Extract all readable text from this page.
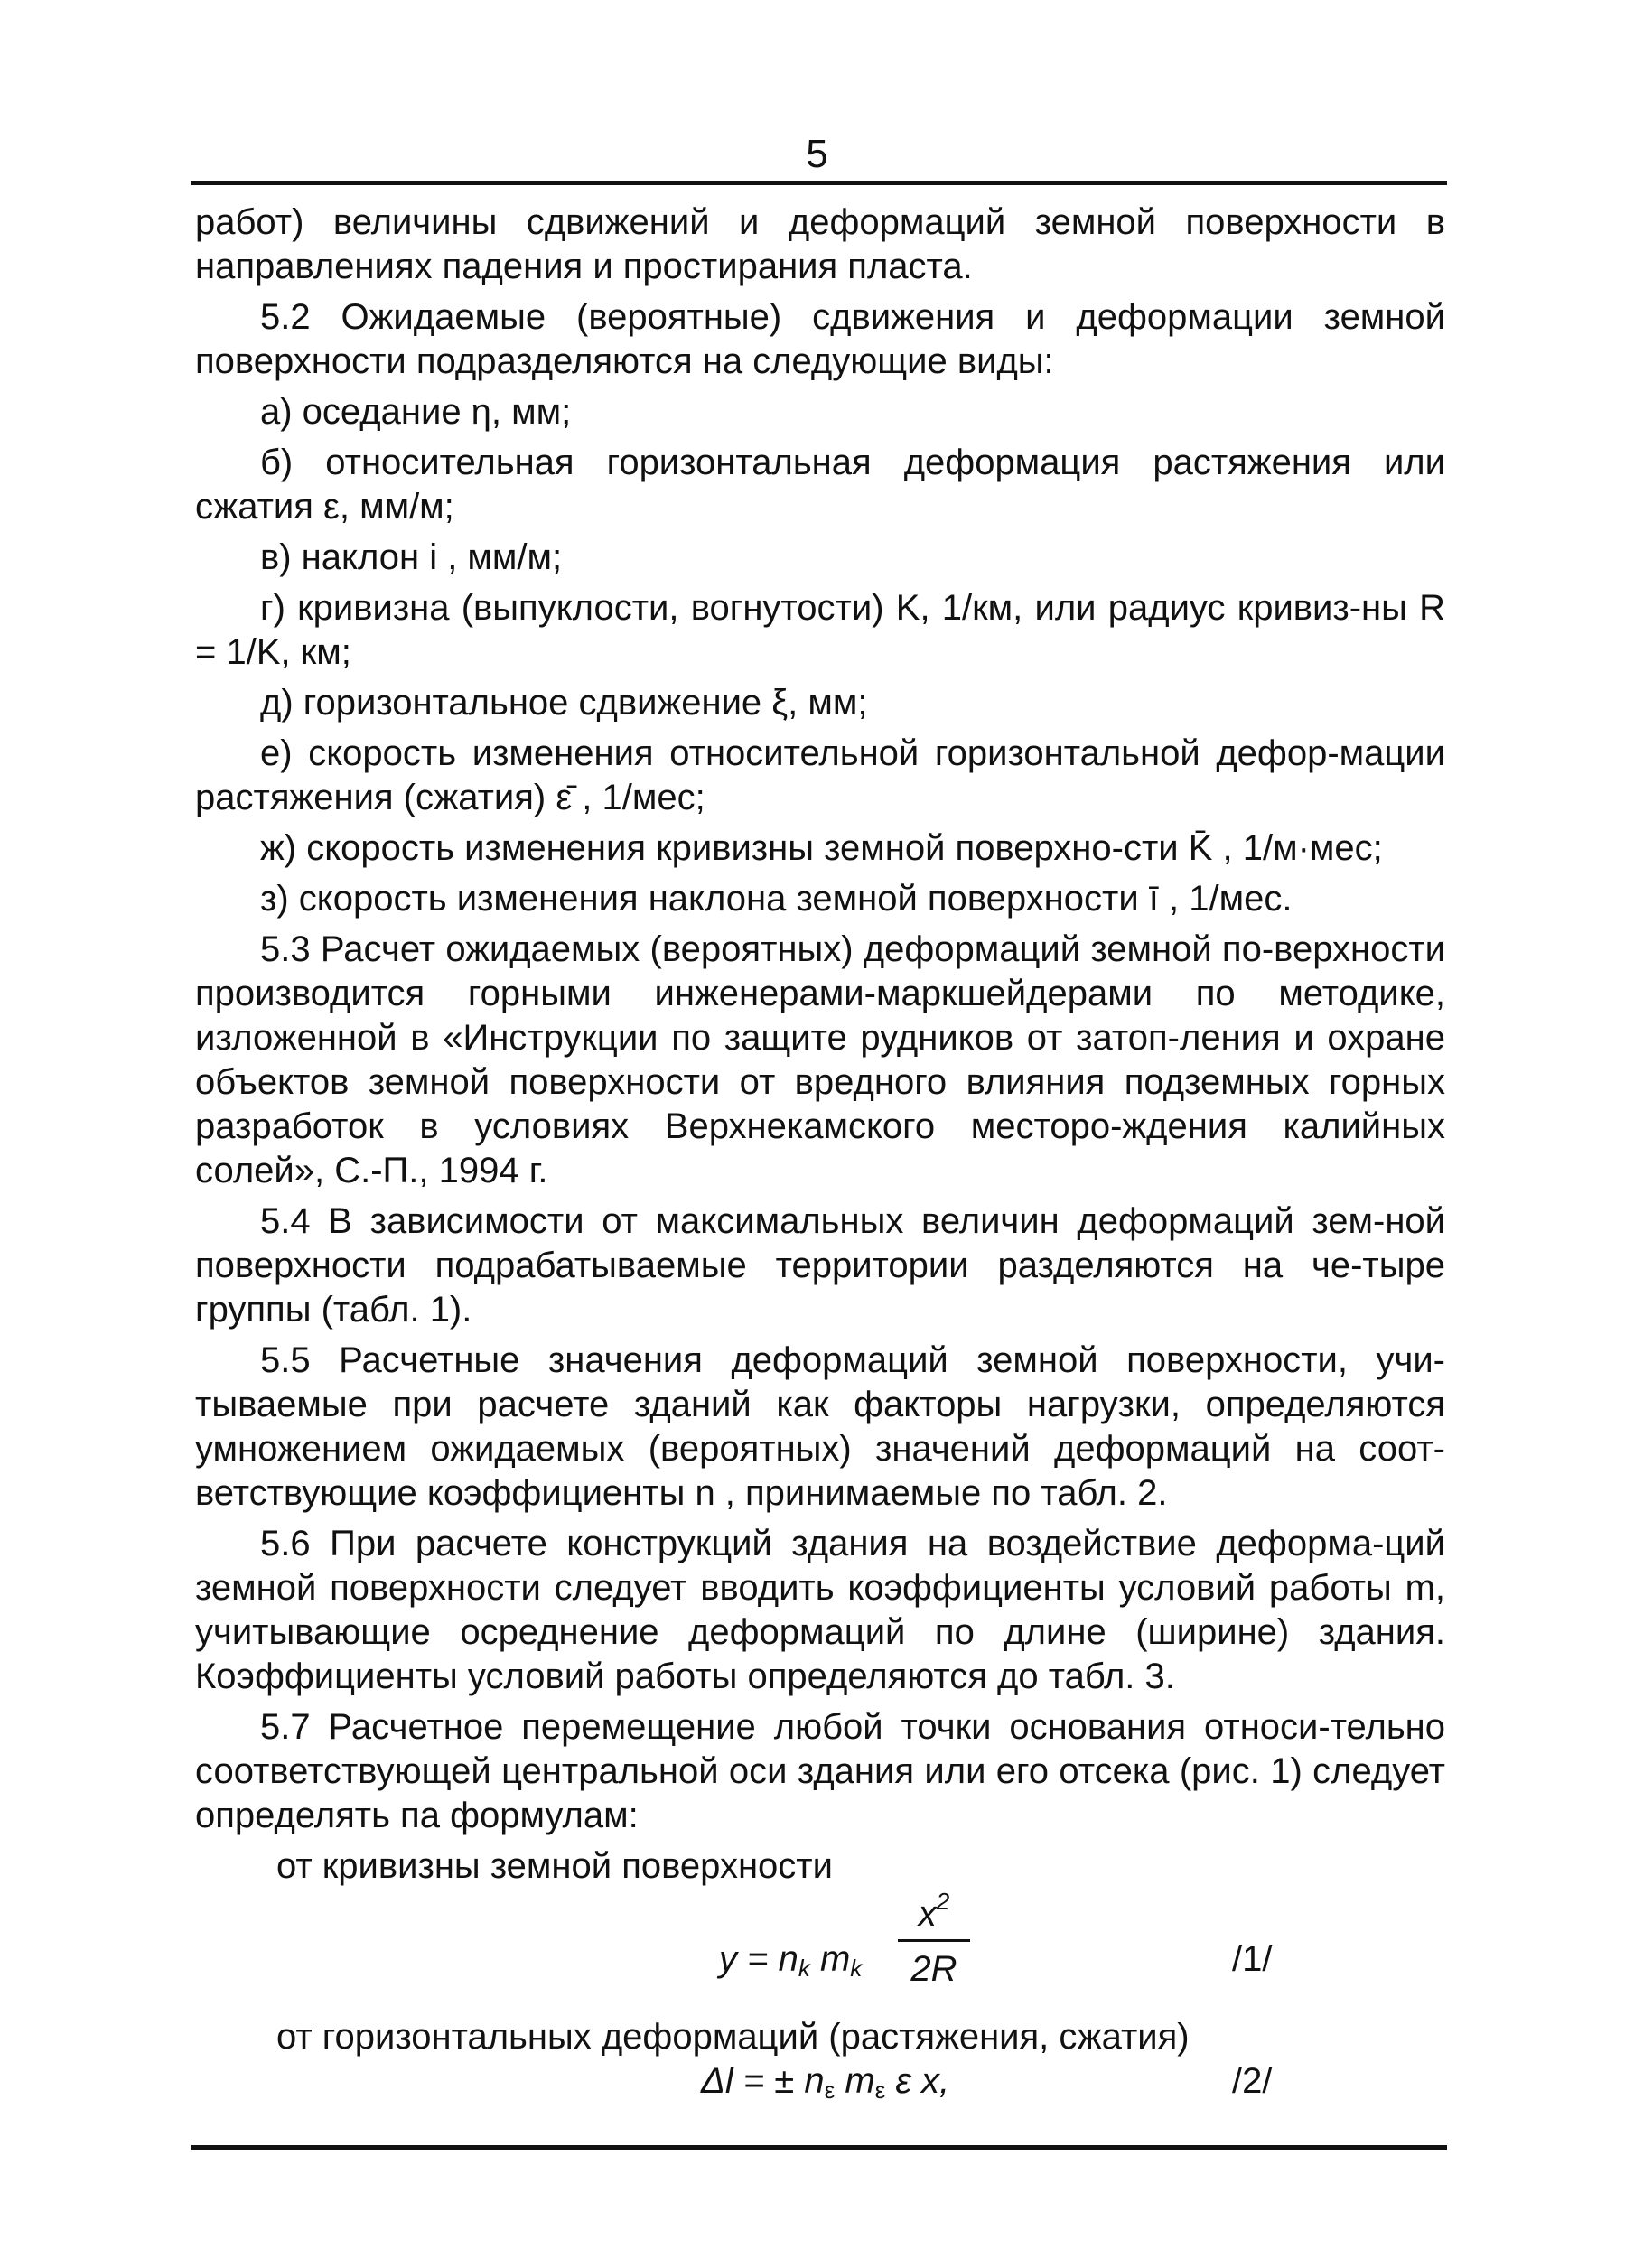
5

работ) величины сдвижений и деформаций земной поверхности в направлениях падения и простирания пласта.

5.2 Ожидаемые (вероятные) сдвижения и деформации земной поверхности подразделяются на следующие виды:

а) оседание η, мм;

б) относительная горизонтальная деформация растяжения или сжатия ε, мм/м;

в) наклон i , мм/м;

г) кривизна (выпуклости, вогнутости) K, 1/км, или радиус кривиз-ны R = 1/K, км;

д) горизонтальное сдвижение ξ, мм;

е) скорость изменения относительной горизонтальной дефор-мации растяжения (сжатия) ε̄ , 1/мес;

ж) скорость изменения кривизны земной поверхно-сти K̄ , 1/м·мес;

з) скорость изменения наклона земной поверхности ī , 1/мес.

5.3 Расчет ожидаемых (вероятных) деформаций земной по-верхности производится горными инженерами-маркшейдерами по методике, изложенной в «Инструкции по защите рудников от затоп-ления и охране объектов земной поверхности от вредного влияния подземных горных разработок в условиях Верхнекамского месторо-ждения калийных солей», С.-П., 1994 г.

5.4 В зависимости от максимальных величин деформаций зем-ной поверхности подрабатываемые территории разделяются на че-тыре группы (табл. 1).

5.5 Расчетные значения деформаций земной поверхности, учи-тываемые при расчете зданий как факторы нагрузки, определяются умножением ожидаемых (вероятных) значений деформаций на соот-ветствующие коэффициенты n , принимаемые по табл. 2.

5.6 При расчете конструкций здания на воздействие деформа-ций земной поверхности следует вводить коэффициенты условий работы m, учитывающие осреднение деформаций по длине (ширине) здания. Коэффициенты условий работы определяются до табл. 3.

5.7 Расчетное перемещение любой точки основания относи-тельно соответствующей центральной оси здания или его отсека (рис. 1) следует определять па формулам:

от кривизны земной поверхности

$y = n_k$ $m_k$
$x^2$
2R	/1/

от горизонтальных деформаций (растяжения, сжатия)

Δl = ± $n_\varepsilon$ $m_\varepsilon$ ε x,	/2/
